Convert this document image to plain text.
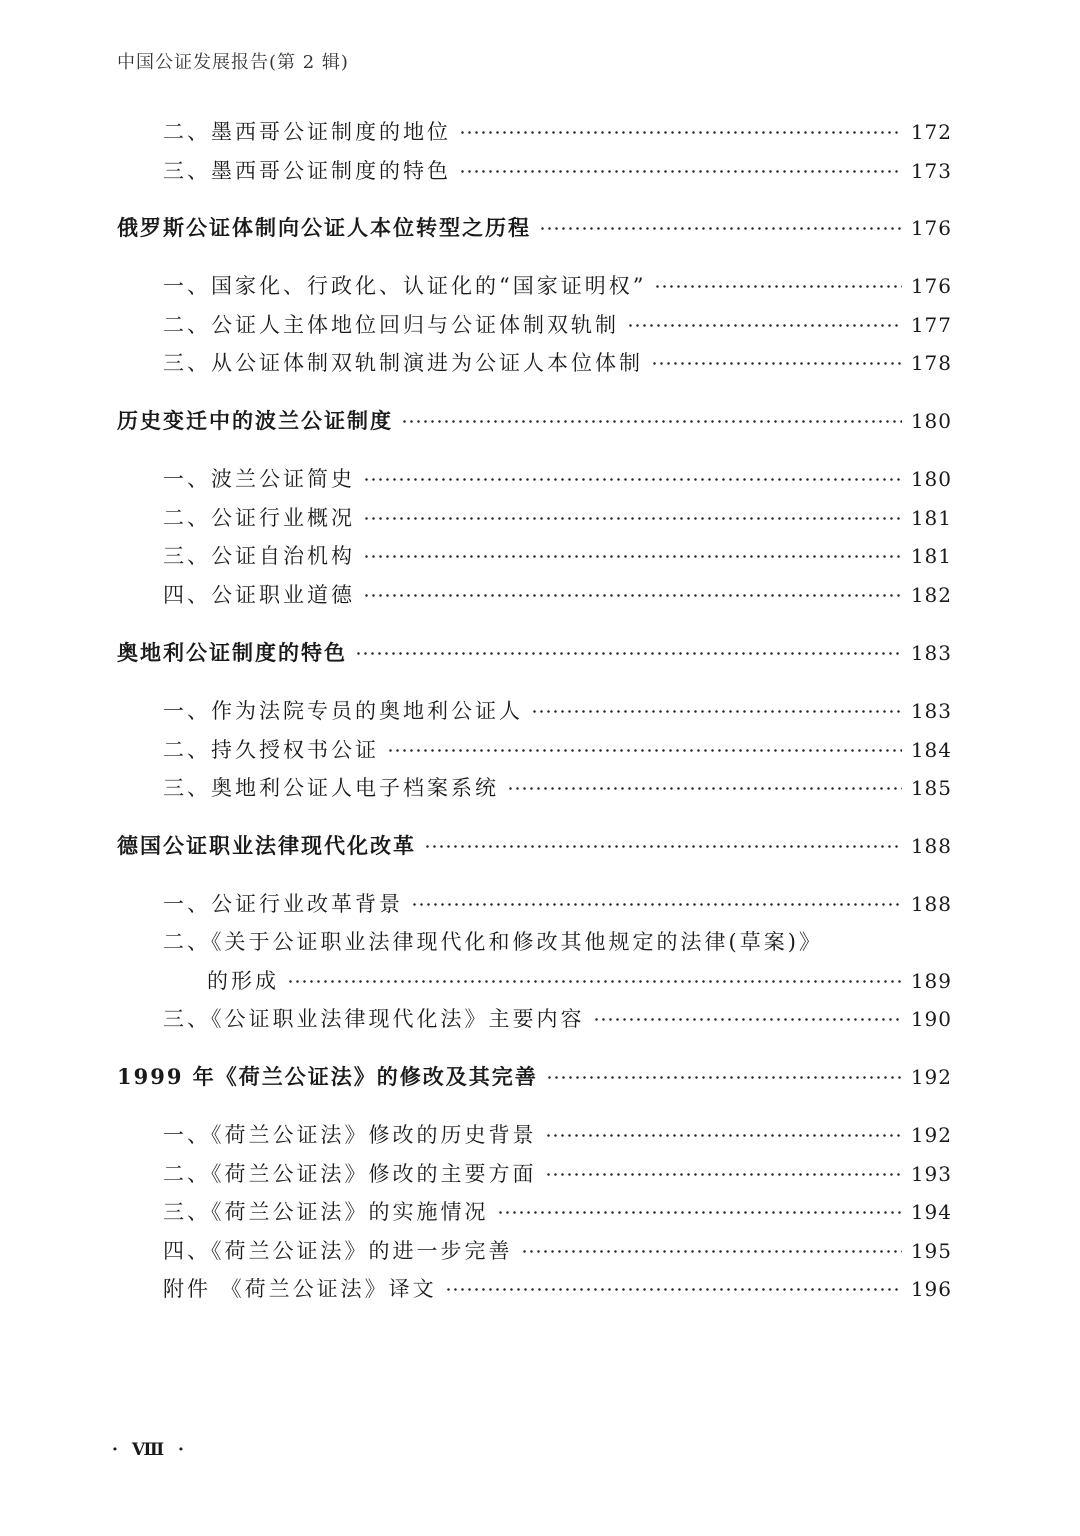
中国公证发展报告(第 2 辑)
二、墨西哥公证制度的地位	172
三、墨西哥公证制度的特色	173
俄罗斯公证体制向公证人本位转型之历程	176
一、国家化、行政化、认证化的“国家证明权”	176
二、公证人主体地位回归与公证体制双轨制	177
三、从公证体制双轨制演进为公证人本位体制	178
历史变迁中的波兰公证制度	180
一、波兰公证简史	180
二、公证行业概况	181
三、公证自治机构	181
四、公证职业道德	182
奥地利公证制度的特色	183
一、作为法院专员的奥地利公证人	183
二、持久授权书公证	184
三、奥地利公证人电子档案系统	185
德国公证职业法律现代化改革	188
一、公证行业改革背景	188
二、《关于公证职业法律现代化和修改其他规定的法律(草案)》
的形成	189
三、《公证职业法律现代化法》主要内容	190
1999 年《荷兰公证法》的修改及其完善	192
一、《荷兰公证法》修改的历史背景	192
二、《荷兰公证法》修改的主要方面	193
三、《荷兰公证法》的实施情况	194
四、《荷兰公证法》的进一步完善	195
附件 《荷兰公证法》译文	196
· Ⅷ ·
